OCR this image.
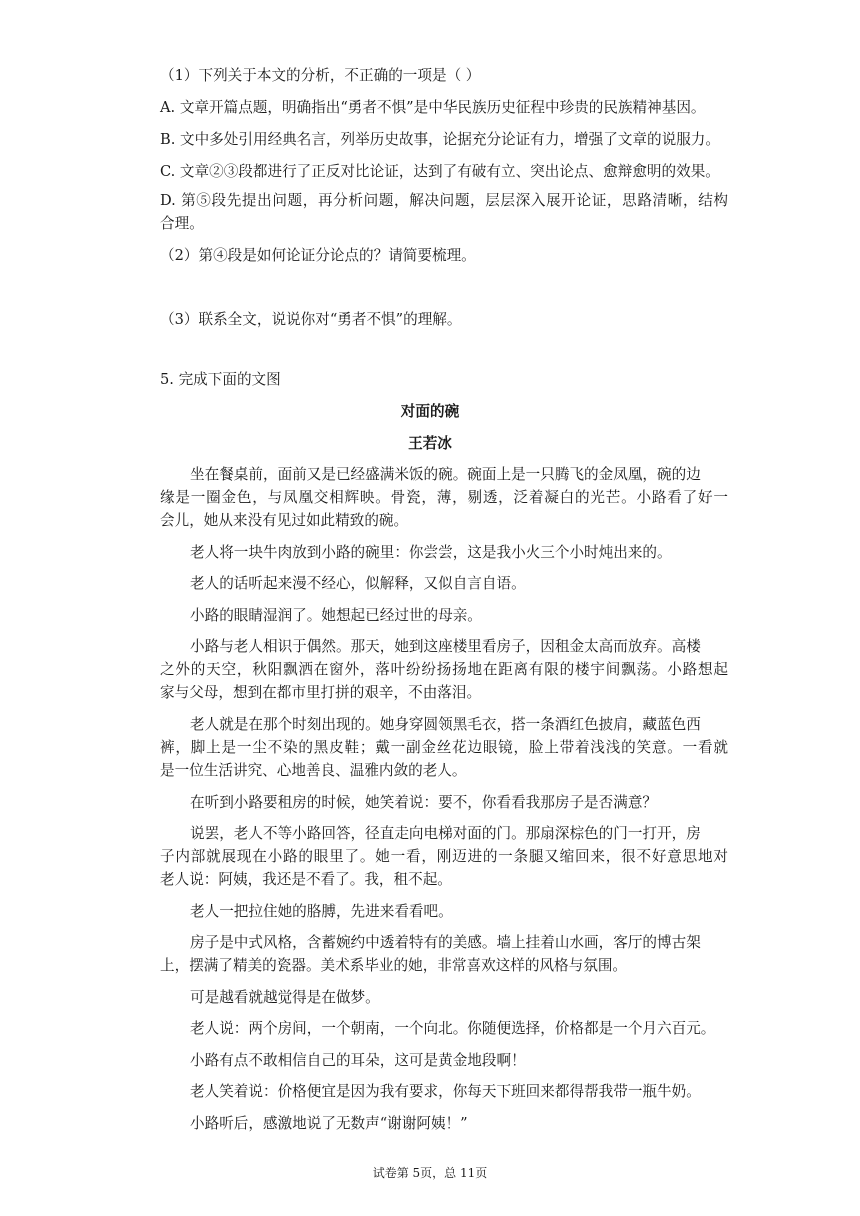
（1）下列关于本文的分析，不正确的一项是（ ）
A. 文章开篇点题，明确指出“勇者不惧”是中华民族历史征程中珍贵的民族精神基因。
B. 文中多处引用经典名言，列举历史故事，论据充分论证有力，增强了文章的说服力。
C. 文章②③段都进行了正反对比论证，达到了有破有立、突出论点、愈辩愈明的效果。
D. 第⑤段先提出问题，再分析问题，解决问题，层层深入展开论证，思路清晰，结构
合理。
（2）第④段是如何论证分论点的？请简要梳理。
（3）联系全文，说说你对“勇者不惧”的理解。
5. 完成下面的文图
对面的碗
王若冰
坐在餐桌前，面前又是已经盛满米饭的碗。碗面上是一只腾飞的金凤凰，碗的边
缘是一圈金色，与凤凰交相辉映。骨瓷，薄，剔透，泛着凝白的光芒。小路看了好一
会儿，她从来没有见过如此精致的碗。
老人将一块牛肉放到小路的碗里：你尝尝，这是我小火三个小时炖出来的。
老人的话听起来漫不经心，似解释，又似自言自语。
小路的眼睛湿润了。她想起已经过世的母亲。
小路与老人相识于偶然。那天，她到这座楼里看房子，因租金太高而放弃。高楼
之外的天空，秋阳飘洒在窗外，落叶纷纷扬扬地在距离有限的楼宇间飘荡。小路想起
家与父母，想到在都市里打拼的艰辛，不由落泪。
老人就是在那个时刻出现的。她身穿圆领黑毛衣，搭一条酒红色披肩，藏蓝色西
裤，脚上是一尘不染的黑皮鞋；戴一副金丝花边眼镜，脸上带着浅浅的笑意。一看就
是一位生活讲究、心地善良、温雅内敛的老人。
在听到小路要租房的时候，她笑着说：要不，你看看我那房子是否满意？
说罢，老人不等小路回答，径直走向电梯对面的门。那扇深棕色的门一打开，房
子内部就展现在小路的眼里了。她一看，刚迈进的一条腿又缩回来，很不好意思地对
老人说：阿姨，我还是不看了。我，租不起。
老人一把拉住她的胳膊，先进来看看吧。
房子是中式风格，含蓄婉约中透着特有的美感。墙上挂着山水画，客厅的博古架
上，摆满了精美的瓷器。美术系毕业的她，非常喜欢这样的风格与氛围。
可是越看就越觉得是在做梦。
老人说：两个房间，一个朝南，一个向北。你随便选择，价格都是一个月六百元。
小路有点不敢相信自己的耳朵，这可是黄金地段啊！
老人笑着说：价格便宜是因为我有要求，你每天下班回来都得帮我带一瓶牛奶。
小路听后，感激地说了无数声“谢谢阿姨！”
试卷第 5页，总 11页
